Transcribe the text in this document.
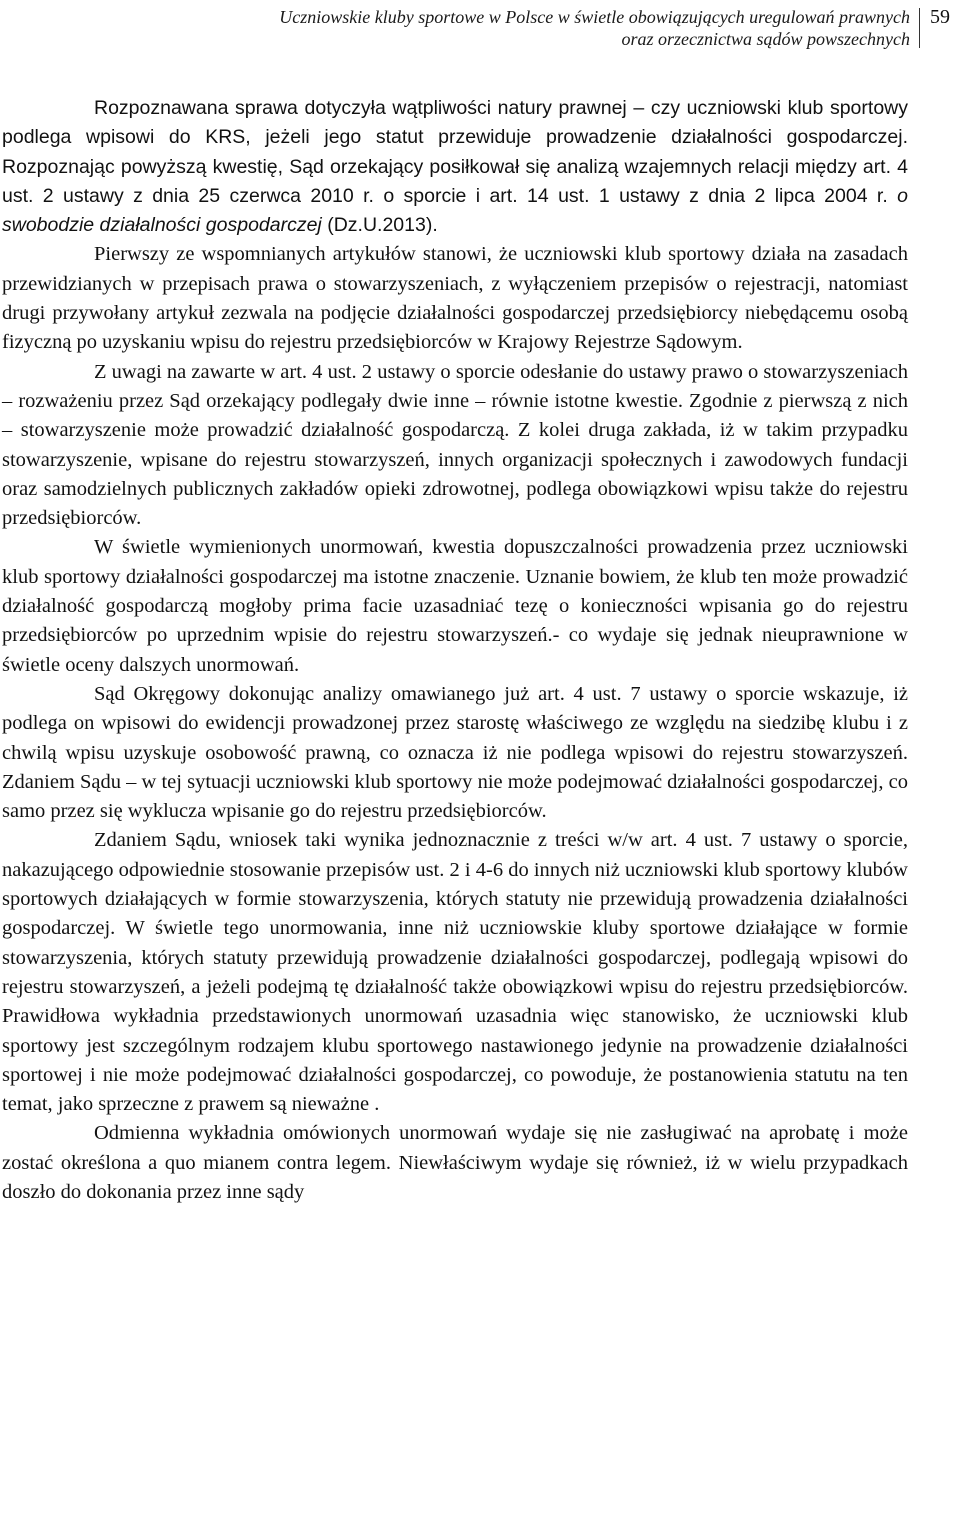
Uczniowskie kluby sportowe w Polsce w świetle obowiązujących uregulowań prawnych
oraz orzecznictwa sądów powszechnych
59

Rozpoznawana sprawa dotyczyła wątpliwości natury prawnej – czy uczniowski klub sportowy podlega wpisowi do KRS, jeżeli jego statut przewiduje prowadzenie działalności gospodarczej. Rozpoznając powyższą kwestię, Sąd orzekający posiłkował się analizą wzajemnych relacji między art. 4 ust. 2 ustawy z dnia 25 czerwca 2010 r. o sporcie i art. 14 ust. 1 ustawy z dnia 2 lipca 2004 r. o swobodzie działalności gospodarczej (Dz.U.2013).

Pierwszy ze wspomnianych artykułów stanowi, że uczniowski klub sportowy działa na zasadach przewidzianych w przepisach prawa o stowarzyszeniach, z wyłączeniem przepisów o rejestracji, natomiast drugi przywołany artykuł zezwala na podjęcie działalności gospodarczej przedsiębiorcy niebędącemu osobą fizyczną po uzyskaniu wpisu do rejestru przedsiębiorców w Krajowy Rejestrze Sądowym.

Z uwagi na zawarte w art. 4 ust. 2 ustawy o sporcie odesłanie do ustawy prawo o stowarzyszeniach – rozważeniu przez Sąd orzekający podlegały dwie inne – równie istotne kwestie. Zgodnie z pierwszą z nich – stowarzyszenie może prowadzić działalność gospodarczą. Z kolei druga zakłada, iż w takim przypadku stowarzyszenie, wpisane do rejestru stowarzyszeń, innych organizacji społecznych i zawodowych fundacji oraz samodzielnych publicznych zakładów opieki zdrowotnej, podlega obowiązkowi wpisu także do rejestru przedsiębiorców.

W świetle wymienionych unormowań, kwestia dopuszczalności prowadzenia przez uczniowski klub sportowy działalności gospodarczej ma istotne znaczenie. Uznanie bowiem, że klub ten może prowadzić działalność gospodarczą mogłoby prima facie uzasadniać tezę o konieczności wpisania go do rejestru przedsiębiorców po uprzednim wpisie do rejestru stowarzyszeń.- co wydaje się jednak nieuprawnione w świetle oceny dalszych unormowań.

Sąd Okręgowy dokonując analizy omawianego już art. 4 ust. 7 ustawy o sporcie wskazuje, iż podlega on wpisowi do ewidencji prowadzonej przez starostę właściwego ze względu na siedzibę klubu i z chwilą wpisu uzyskuje osobowość prawną, co oznacza iż nie podlega wpisowi do rejestru stowarzyszeń. Zdaniem Sądu – w tej sytuacji uczniowski klub sportowy nie może podejmować działalności gospodarczej, co samo przez się wyklucza wpisanie go do rejestru przedsiębiorców.

Zdaniem Sądu, wniosek taki wynika jednoznacznie z treści w/w art. 4 ust. 7 ustawy o sporcie, nakazującego odpowiednie stosowanie przepisów ust. 2 i 4-6 do innych niż uczniowski klub sportowy klubów sportowych działających w formie stowarzyszenia, których statuty nie przewidują prowadzenia działalności gospodarczej. W świetle tego unormowania, inne niż uczniowskie kluby sportowe działające w formie stowarzyszenia, których statuty przewidują prowadzenie działalności gospodarczej, podlegają wpisowi do rejestru stowarzyszeń, a jeżeli podejmą tę działalność także obowiązkowi wpisu do rejestru przedsiębiorców. Prawidłowa wykładnia przedstawionych unormowań uzasadnia więc stanowisko, że uczniowski klub sportowy jest szczególnym rodzajem klubu sportowego nastawionego jedynie na prowadzenie działalności sportowej i nie może podejmować działalności gospodarczej, co powoduje, że postanowienia statutu na ten temat, jako sprzeczne z prawem są nieważne .

Odmienna wykładnia omówionych unormowań wydaje się nie zasługiwać na aprobatę i może zostać określona a quo mianem contra legem. Niewłaściwym wydaje się również, iż w wielu przypadkach doszło do dokonania przez inne sądy
